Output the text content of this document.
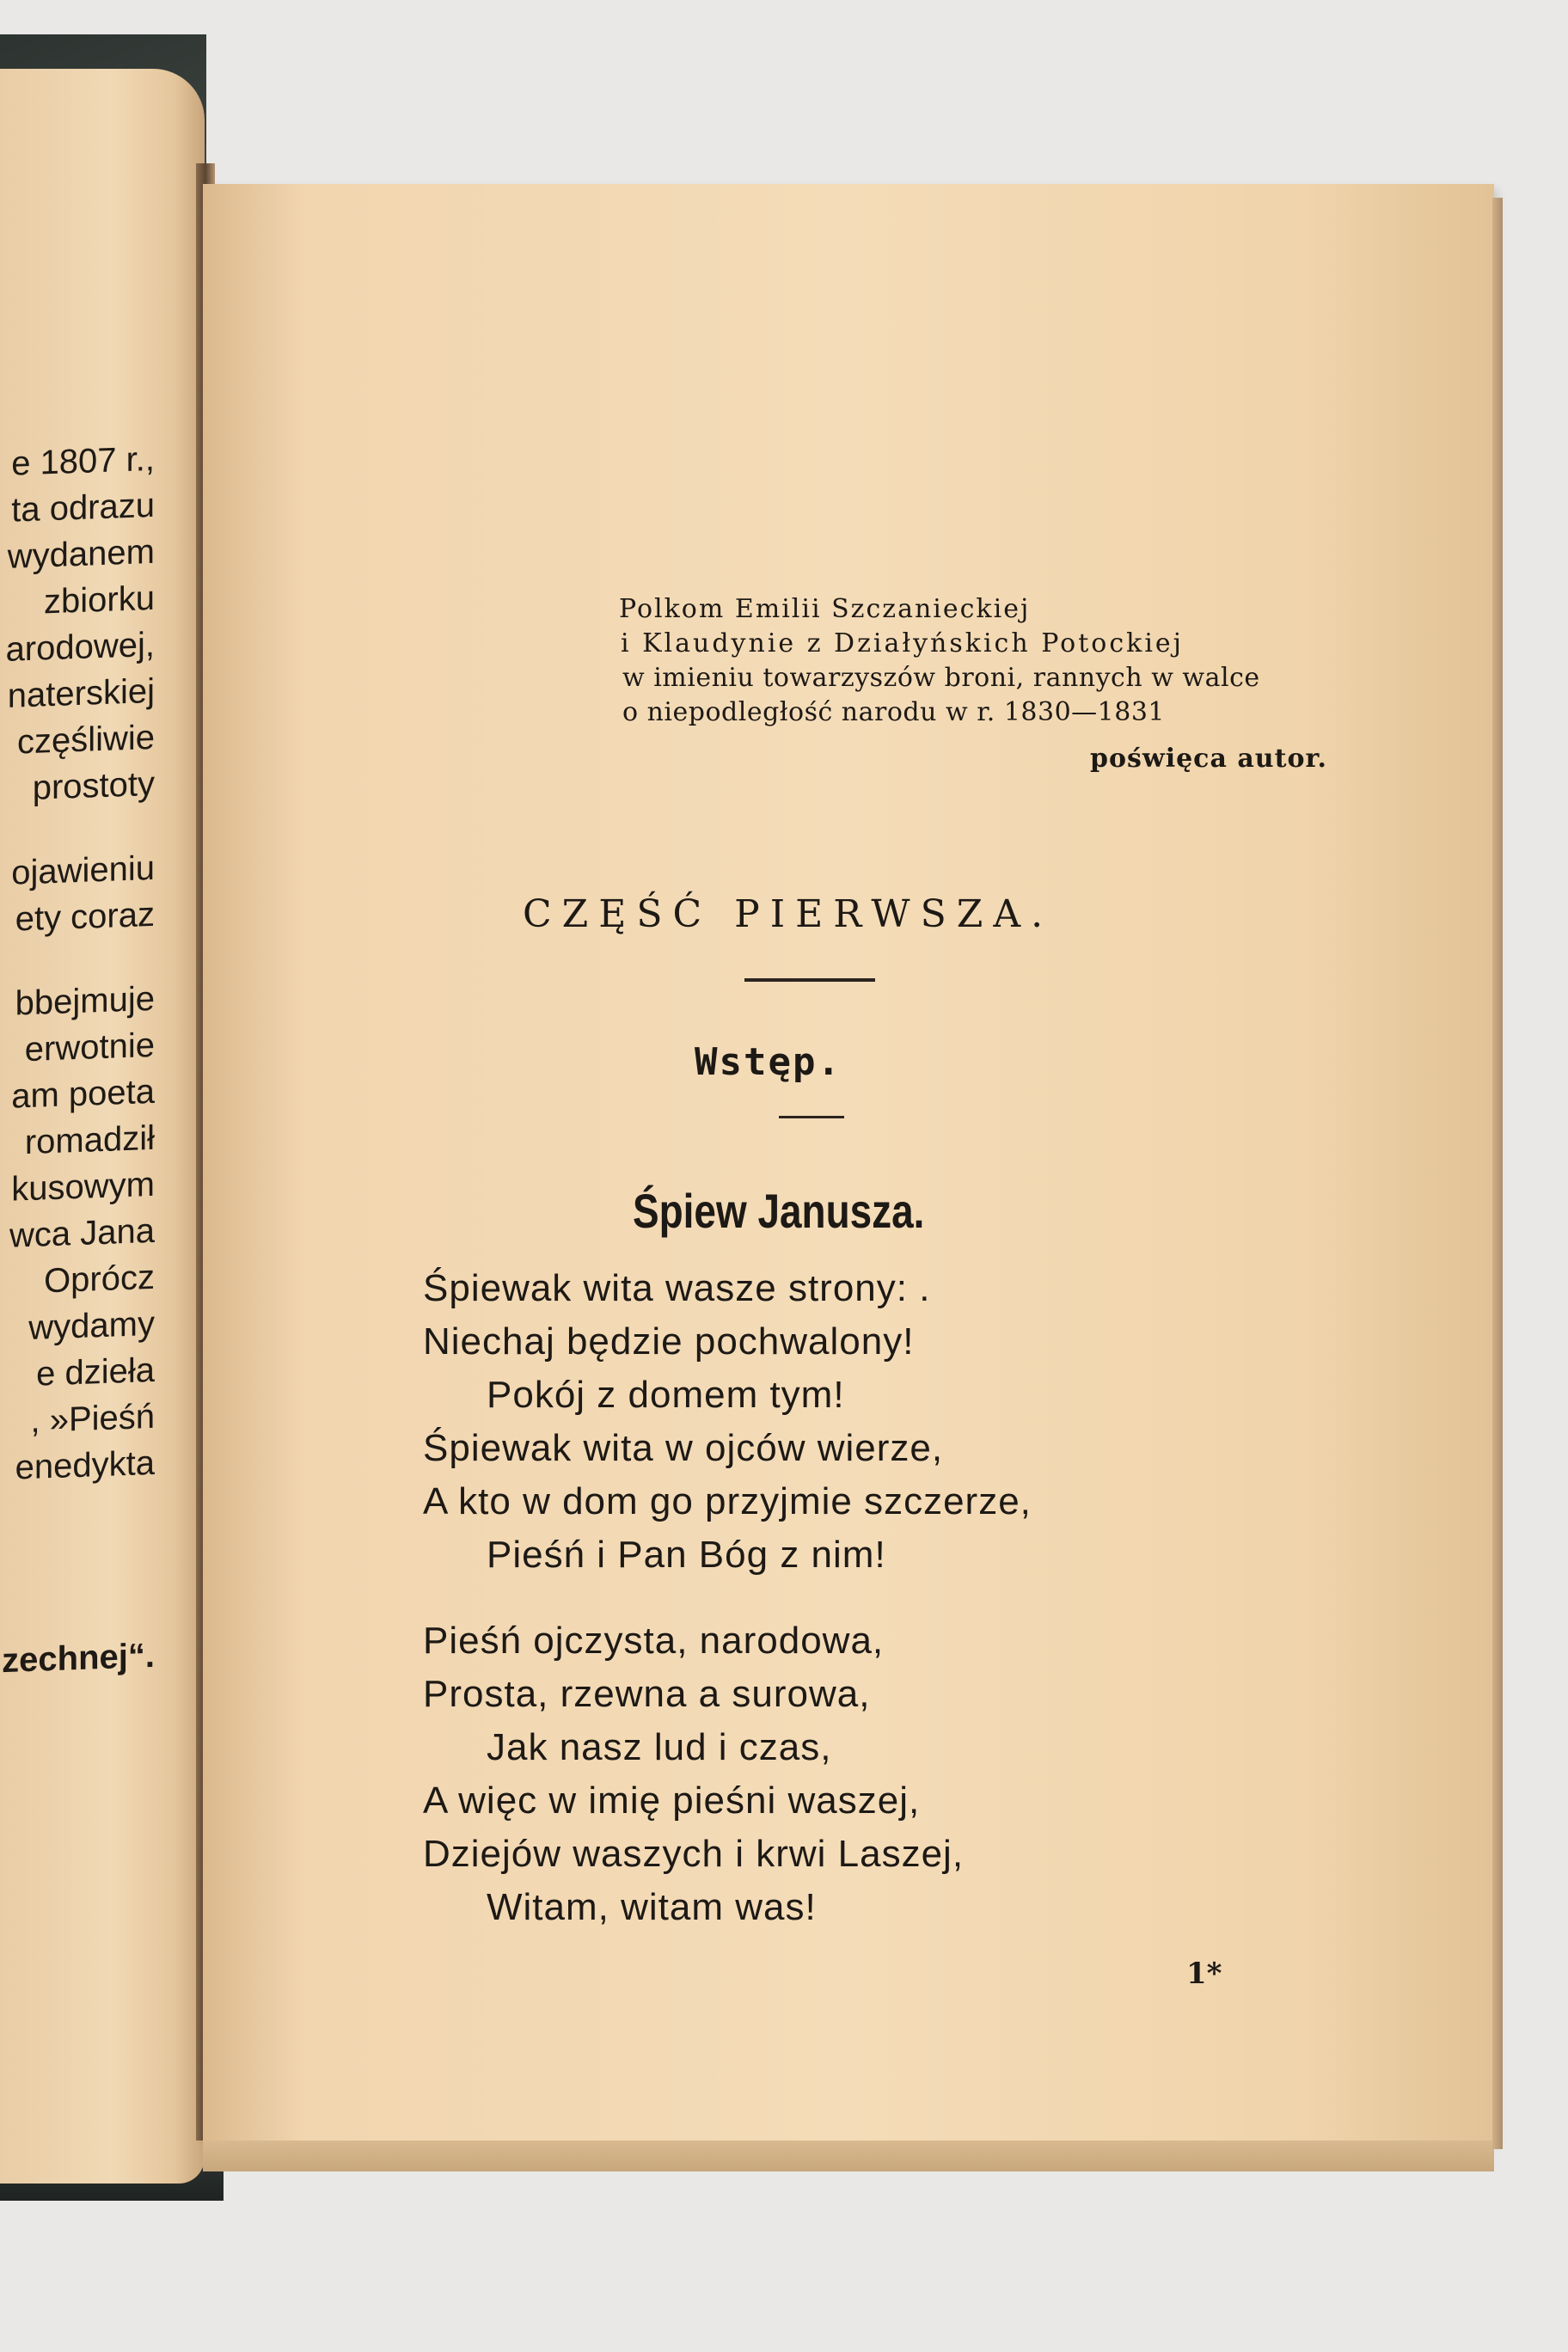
e 1807 r.,
ta odrazu
wydanem
zbiorku
arodowej,
naterskiej
częśliwie
prostoty
ojawieniu
ety coraz
bbejmuje
erwotnie
am poeta
romadził
kusowym
wca Jana
Oprócz
wydamy
e dzieła
, »Pieśń
enedykta
zechnej“.
Polkom Emilii Szczanieckiej
i Klaudynie z Działyńskich Potockiej
w imieniu towarzyszów broni, rannych w walce
o niepodległość narodu w r. 1830—1831
poświęca autor.
CZĘŚĆ PIERWSZA.
Wstęp.
Śpiew Janusza.
Śpiewak wita wasze strony: .
Niechaj będzie pochwalony!
Pokój z domem tym!
Śpiewak wita w ojców wierze,
A kto w dom go przyjmie szczerze,
Pieśń i Pan Bóg z nim!
Pieśń ojczysta, narodowa,
Prosta, rzewna a surowa,
Jak nasz lud i czas,
A więc w imię pieśni waszej,
Dziejów waszych i krwi Laszej,
Witam, witam was!
1*
